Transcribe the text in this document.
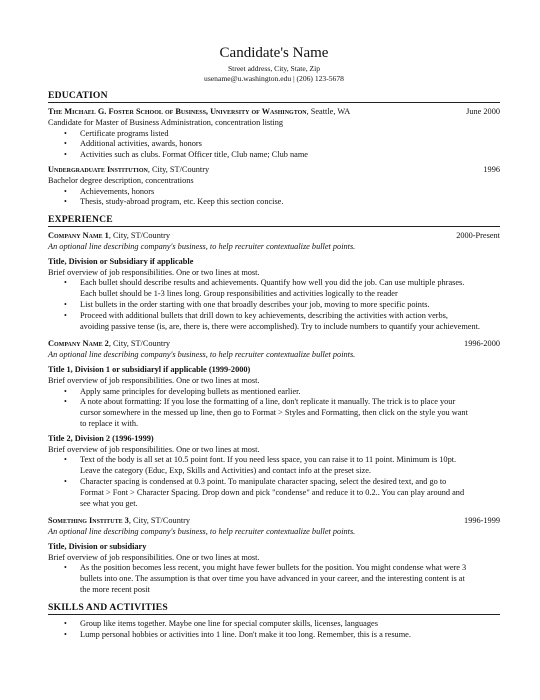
Candidate's Name
Street address, City, State, Zip
usename@u.washington.edu | (206) 123-5678
EDUCATION
The Michael G. Foster School of Business, University of Washington, Seattle, WA	June 2000
Candidate for Master of Business Administration, concentration listing
• Certificate programs listed
• Additional activities, awards, honors
• Activities such as clubs. Format Officer title, Club name; Club name
Undergraduate Institution, City, ST/Country	1996
Bachelor degree description, concentrations
• Achievements, honors
• Thesis, study-abroad program, etc. Keep this section concise.
EXPERIENCE
Company Name 1, City, ST/Country	2000-Present
An optional line describing company's business, to help recruiter contextualize bullet points.
Title, Division or Subsidiary if applicable
Brief overview of job responsibilities. One or two lines at most.
• Each bullet should describe results and achievements. Quantify how well you did the job. Can use multiple phrases.
Each bullet should be 1-3 lines long. Group responsibilities and activities logically to the reader
• List bullets in the order starting with one that broadly describes your job, moving to more specific points.
• Proceed with additional bullets that drill down to key achievements, describing the activities with action verbs,
avoiding passive tense (is, are, there is, there were accomplished). Try to include numbers to quantify your achievement.
Company Name 2, City, ST/Country	1996-2000
An optional line describing company's business, to help recruiter contextualize bullet points.
Title 1, Division 1 or subsidiaryl if applicable (1999-2000)
Brief overview of job responsibilities. One or two lines at most.
• Apply same principles for developing bullets as mentioned earlier.
• A note about formatting: If you lose the formatting of a line, don't replicate it manually. The trick is to place your
cursor somewhere in the messed up line, then go to Format > Styles and Formatting, then click on the style you want
to replace it with.
Title 2, Division 2 (1996-1999)
Brief overview of job responsibilities. One or two lines at most.
• Text of the body is all set at 10.5 point font. If you need less space, you can raise it to 11 point. Minimum is 10pt.
Leave the category (Educ, Exp, Skills and Activities) and contact info at the preset size.
• Character spacing is condensed at 0.3 point. To manipulate character spacing, select the desired text, and go to
Format > Font > Character Spacing. Drop down and pick "condense" and reduce it to 0.2.. You can play around and
see what you get.
Something Institute 3, City, ST/Country	1996-1999
An optional line describing company's business, to help recruiter contextualize bullet points.
Title, Division or subsidiary
Brief overview of job responsibilities. One or two lines at most.
• As the position becomes less recent, you might have fewer bullets for the position. You might condense what were 3
bullets into one. The assumption is that over time you have advanced in your career, and the interesting content is at
the more recent posit
SKILLS AND ACTIVITIES
• Group like items together. Maybe one line for special computer skills, licenses, languages
• Lump personal hobbies or activities into 1 line. Don't make it too long. Remember, this is a resume.
